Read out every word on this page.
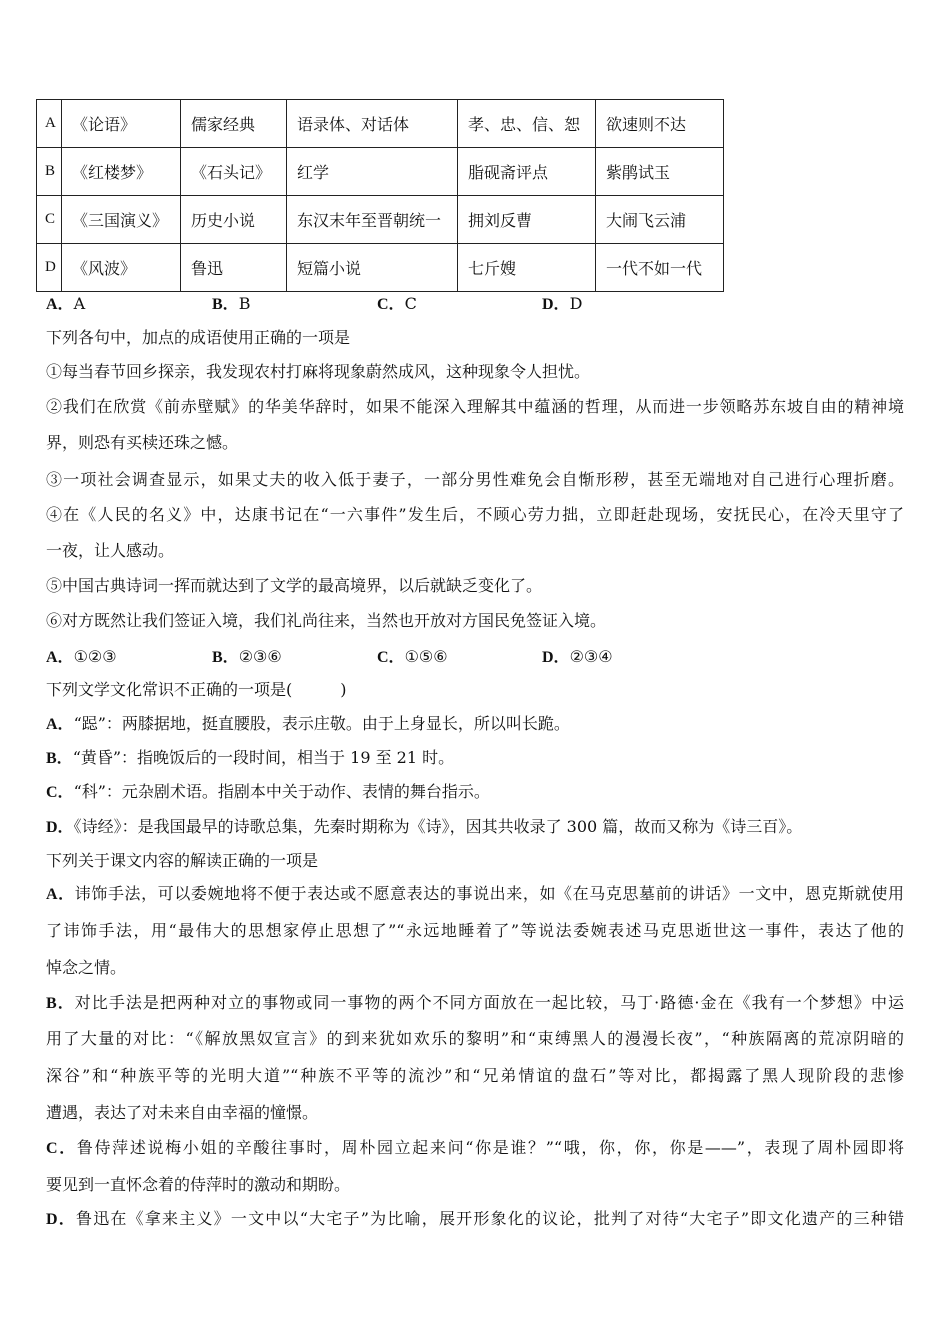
A	《论语》	儒家经典	语录体、对话体	孝、忠、信、恕	欲速则不达
B	《红楼梦》	《石头记》	红学	脂砚斋评点	紫鹃试玉
C	《三国演义》	历史小说	东汉末年至晋朝统一	拥刘反曹	大闹飞云浦
D	《风波》	鲁迅	短篇小说	七斤嫂	一代不如一代
A．A	B．B	C．C	D．D
下列各句中，加点的成语使用正确的一项是
①每当春节回乡探亲，我发现农村打麻将现象蔚然成风，这种现象令人担忧。
②我们在欣赏《前赤壁赋》的华美华辞时，如果不能深入理解其中蕴涵的哲理，从而进一步领略苏东坡自由的精神境
界，则恐有买椟还珠之憾。
③一项社会调查显示，如果丈夫的收入低于妻子，一部分男性难免会自惭形秽，甚至无端地对自己进行心理折磨。
④在《人民的名义》中，达康书记在“一六事件”发生后，不顾心劳力拙，立即赶赴现场，安抚民心，在冷天里守了
一夜，让人感动。
⑤中国古典诗词一挥而就达到了文学的最高境界，以后就缺乏变化了。
⑥对方既然让我们签证入境，我们礼尚往来，当然也开放对方国民免签证入境。
A．①②③	B．②③⑥	C．①⑤⑥	D．②③④
下列文学文化常识不正确的一项是(　　　)
A．“跽”：两膝据地，挺直腰股，表示庄敬。由于上身显长，所以叫长跪。
B．“黄昏”：指晚饭后的一段时间，相当于 19 至 21 时。
C．“科”：元杂剧术语。指剧本中关于动作、表情的舞台指示。
D．《诗经》：是我国最早的诗歌总集，先秦时期称为《诗》，因其共收录了 300 篇，故而又称为《诗三百》。
下列关于课文内容的解读正确的一项是
A．讳饰手法，可以委婉地将不便于表达或不愿意表达的事说出来，如《在马克思墓前的讲话》一文中，恩克斯就使用
了讳饰手法，用“最伟大的思想家停止思想了”“永远地睡着了”等说法委婉表述马克思逝世这一事件，表达了他的
悼念之情。
B．对比手法是把两种对立的事物或同一事物的两个不同方面放在一起比较，马丁·路德·金在《我有一个梦想》中运
用了大量的对比：“《解放黑奴宣言》的到来犹如欢乐的黎明”和“束缚黑人的漫漫长夜”，“种族隔离的荒凉阴暗的
深谷”和“种族平等的光明大道”“种族不平等的流沙”和“兄弟情谊的盘石”等对比，都揭露了黑人现阶段的悲惨
遭遇，表达了对未来自由幸福的憧憬。
C．鲁侍萍述说梅小姐的辛酸往事时，周朴园立起来问“你是谁？”“哦，你，你，你是——”，表现了周朴园即将
要见到一直怀念着的侍萍时的激动和期盼。
D．鲁迅在《拿来主义》一文中以“大宅子”为比喻，展开形象化的议论，批判了对待“大宅子”即文化遗产的三种错
